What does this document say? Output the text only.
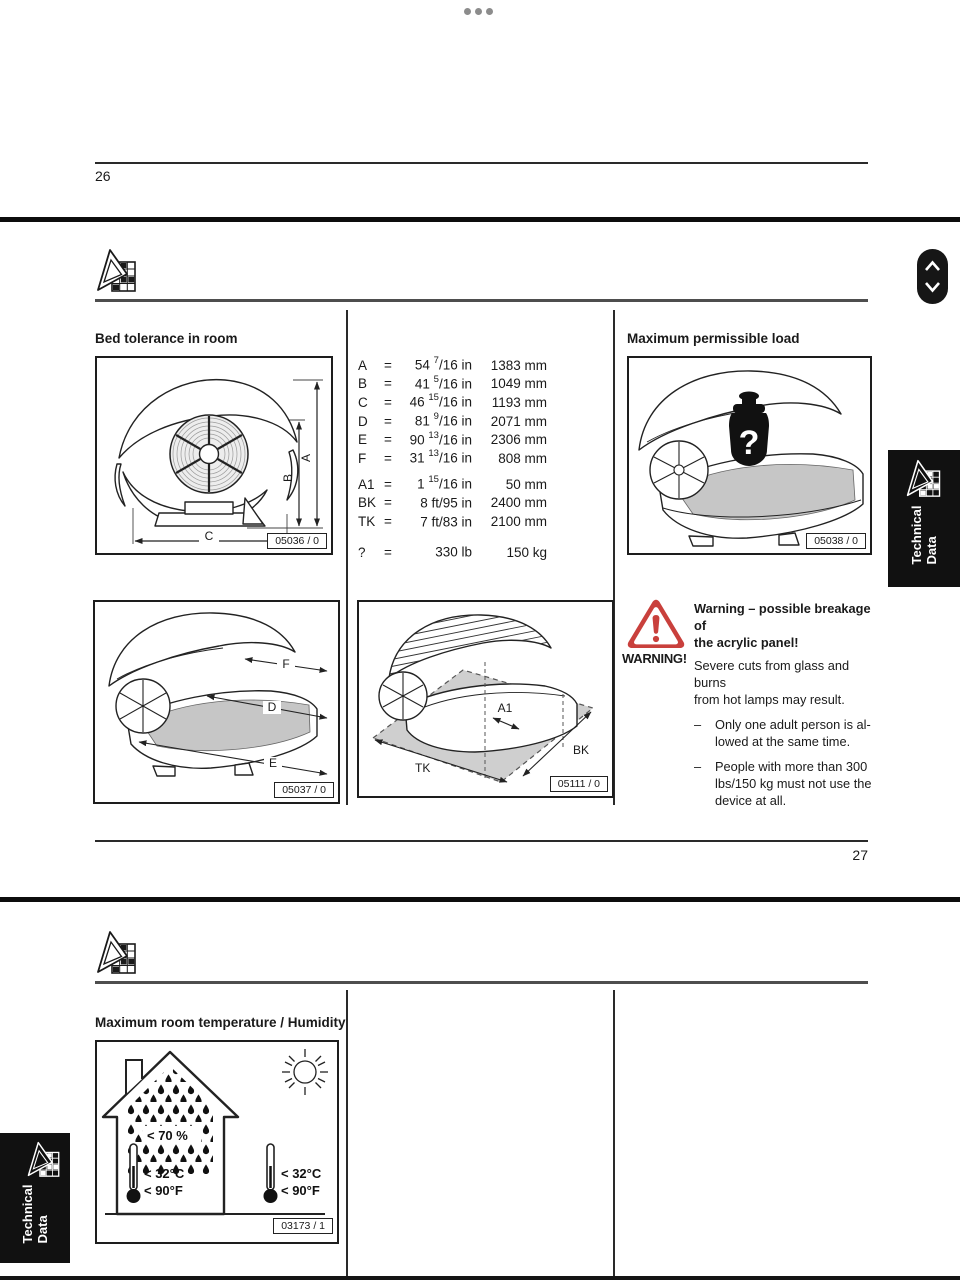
26
Bed tolerance in room	Maximum permissible load
A
B
C	05036 / 0
A	=	54 $^7$/16 in	1383 mm
B	=	41 $^5$/16 in	1049 mm
C	=	46 $^{15}$/16 in	1193 mm
D	=	81 $^9$/16 in	2071 mm
E	=	90 $^{13}$/16 in	2306 mm
F	=	31 $^{13}$/16 in	808 mm
A1 =	1 $^{15}$/16 in	50 mm
BK =	8 ft/95 in	2400 mm
TK =	7 ft/83 in	2100 mm
?	=	330 lb	150 kg
?
05038 / 0
F
D
E
05037 / 0
A1
BK
TK
05111 / 0
WARNING!
Warning – possible breakage of
the acrylic panel!
Severe cuts from glass and burns
from hot lamps may result.
–	Only one adult person is al-
lowed at the same time.
–	People with more than 300
lbs/150 kg must not use the
device at all.
Technical Data
27
Maximum room temperature / Humidity
< 70 %
< 32°C
< 90°F
< 32°C
< 90°F
03173 / 1
Technical Data
